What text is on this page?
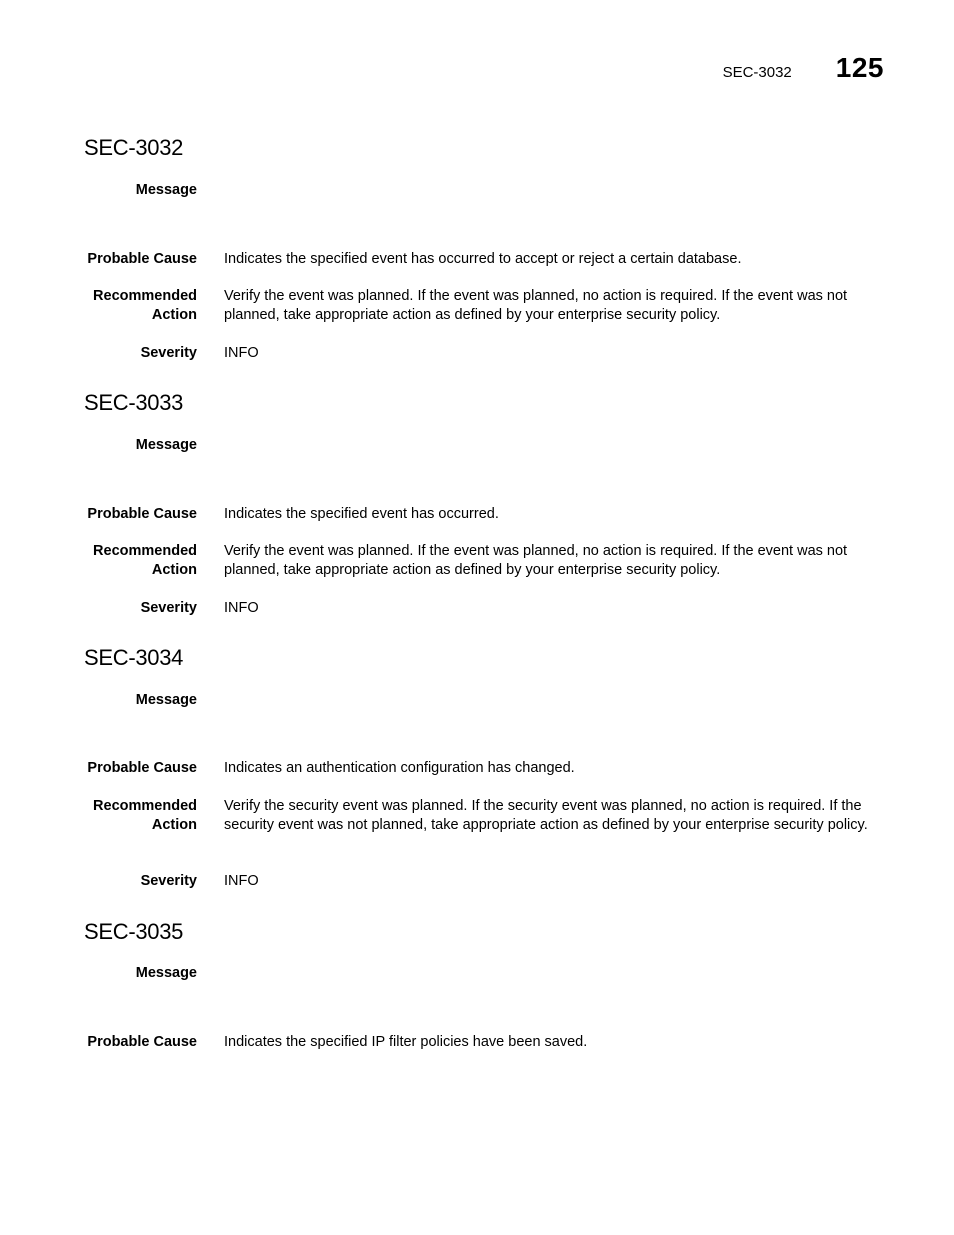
SEC-3032 125
SEC-3032
Message
Probable Cause Indicates the specified event has occurred to accept or reject a certain database.
Recommended
Action
Verify the event was planned. If the event was planned, no action is required. If the event was not planned, take appropriate action as defined by your enterprise security policy.
Severity INFO
SEC-3033
Message
Probable Cause Indicates the specified event has occurred.
Recommended
Action
Verify the event was planned. If the event was planned, no action is required. If the event was not planned, take appropriate action as defined by your enterprise security policy.
Severity INFO
SEC-3034
Message
Probable Cause Indicates an authentication configuration has changed.
Recommended
Action
Verify the security event was planned. If the security event was planned, no action is required. If the security event was not planned, take appropriate action as defined by your enterprise security policy.
Severity INFO
SEC-3035
Message
Probable Cause Indicates the specified IP filter policies have been saved.
